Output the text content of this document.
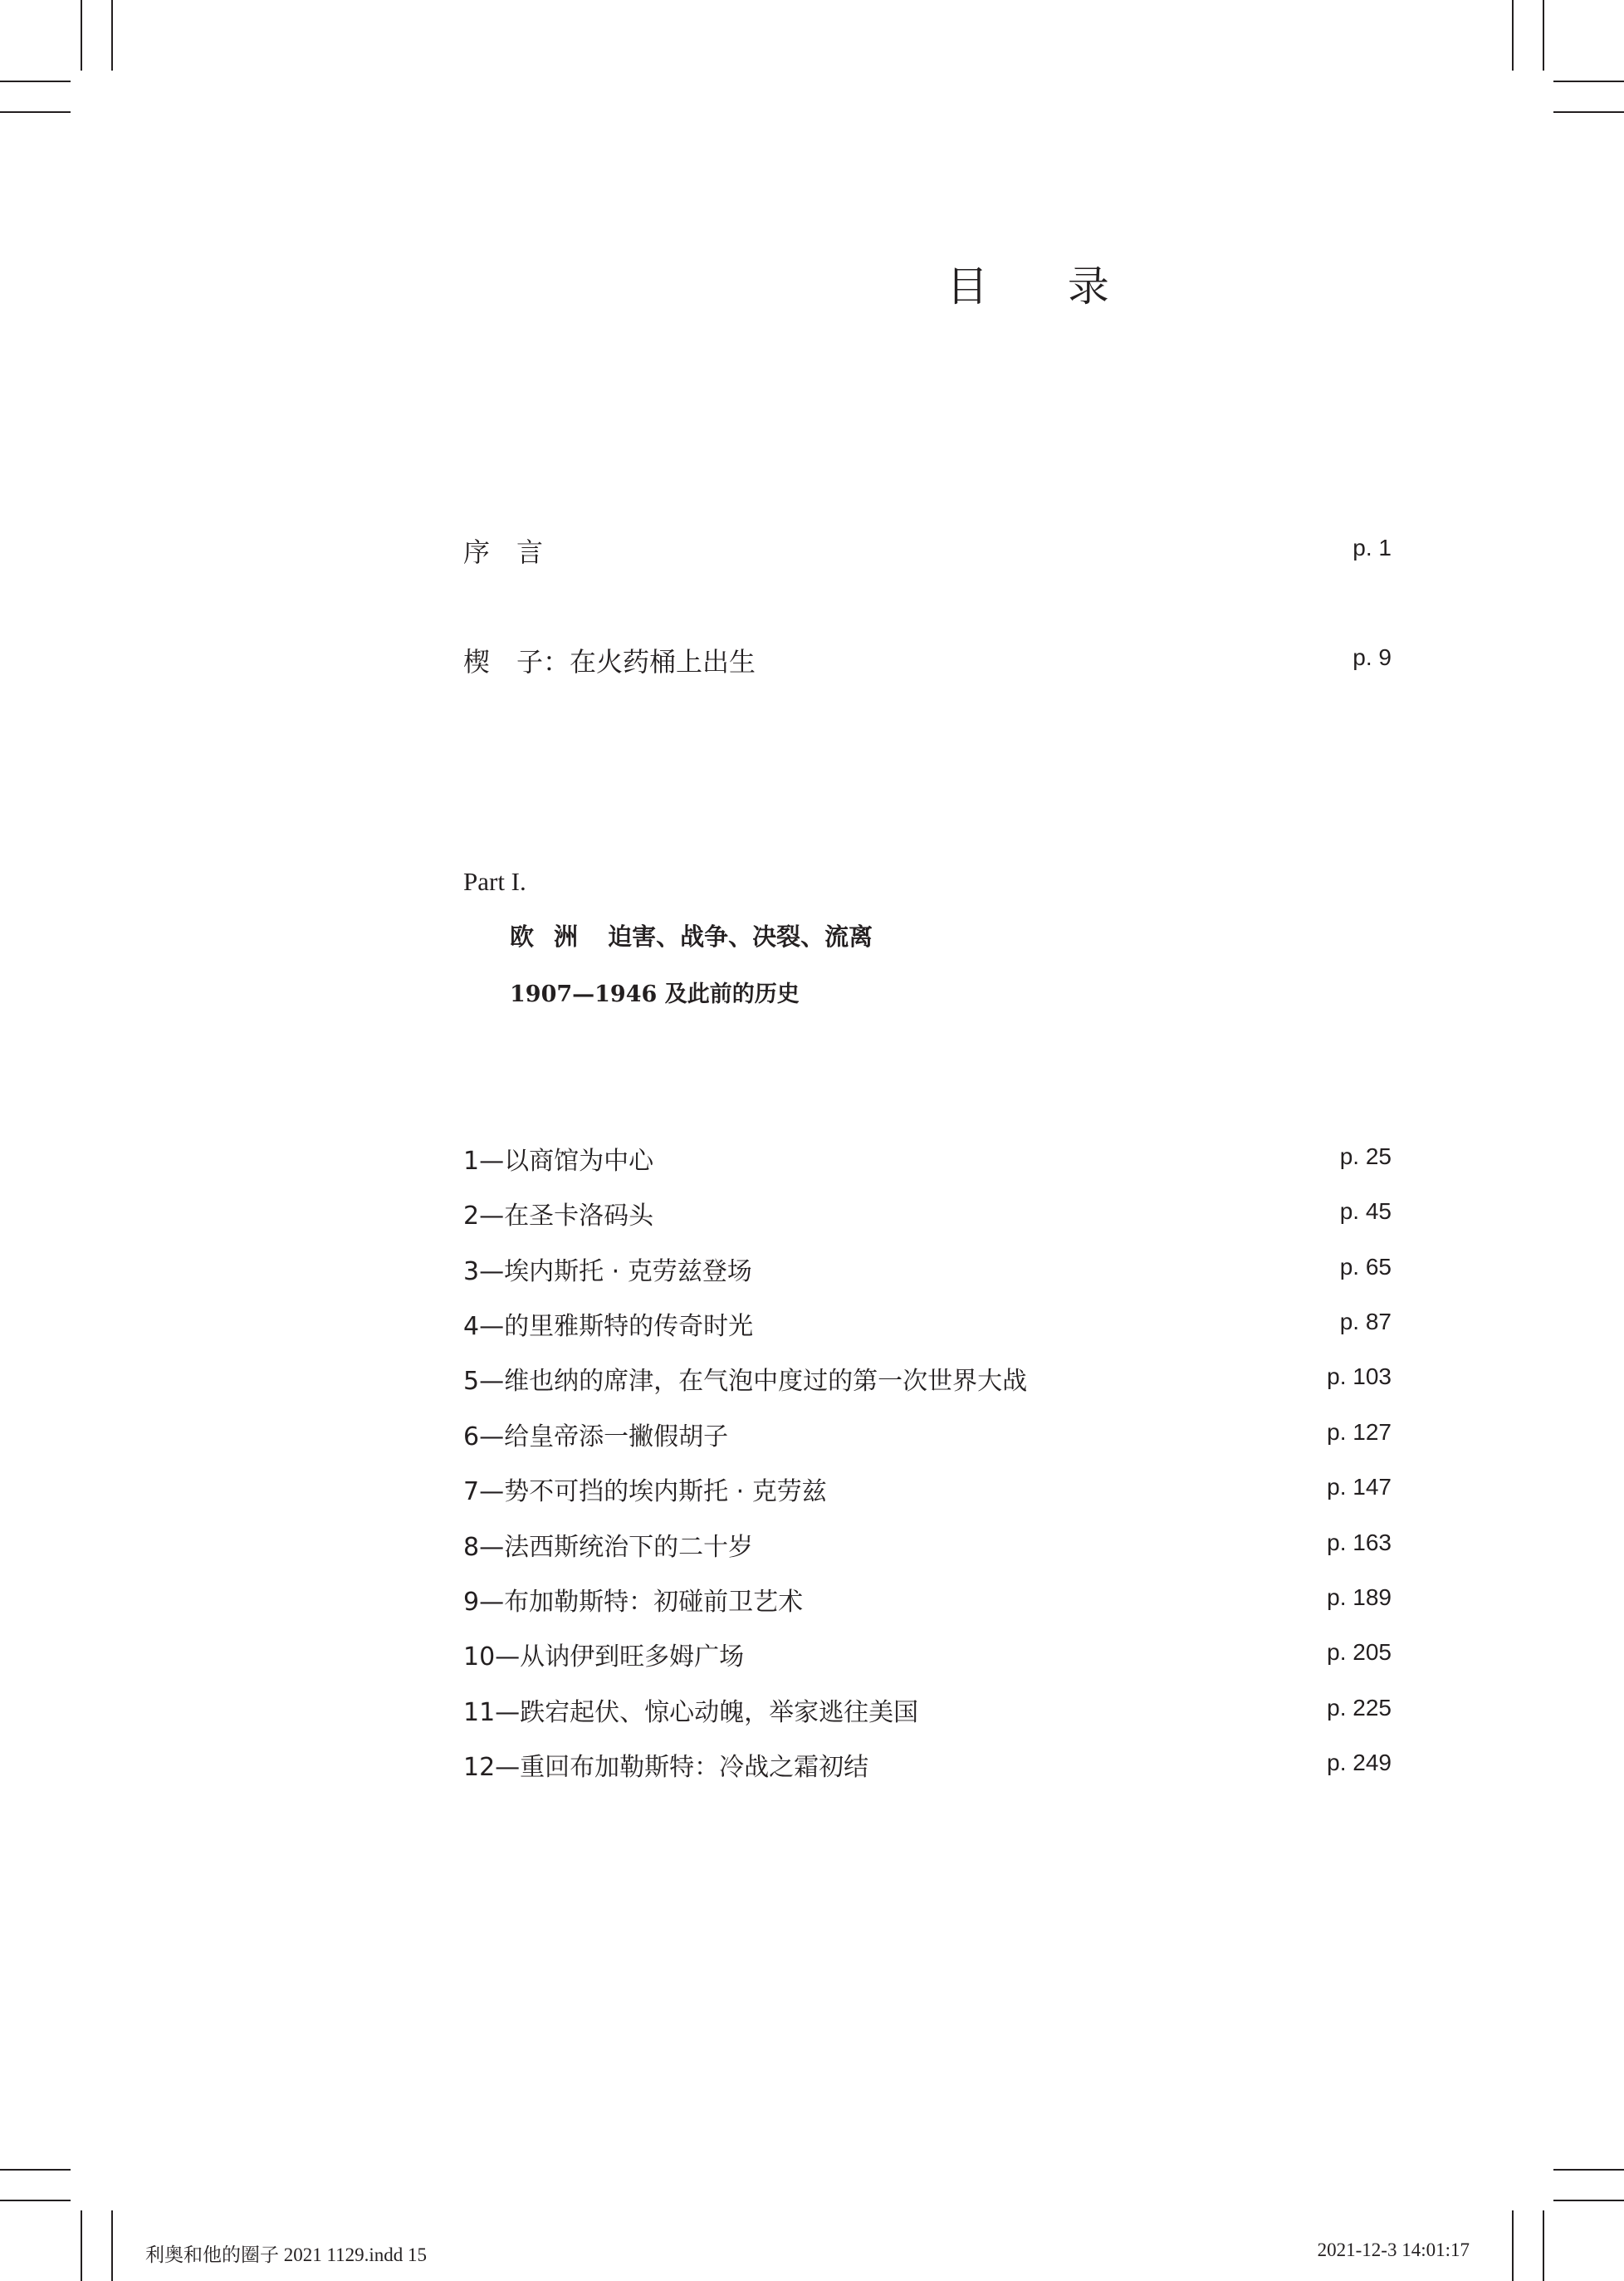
目 录
序　言	p. 1
楔　子：在火药桶上出生	p. 9
Part I.
欧洲 迫害、战争、决裂、流离
1907—1946 及此前的历史
1—以商馆为中心	p. 25
2—在圣卡洛码头	p. 45
3—埃内斯托 · 克劳兹登场	p. 65
4—的里雅斯特的传奇时光	p. 87
5—维也纳的席津，在气泡中度过的第一次世界大战	p. 103
6—给皇帝添一撇假胡子	p. 127
7—势不可挡的埃内斯托 · 克劳兹	p. 147
8—法西斯统治下的二十岁	p. 163
9—布加勒斯特：初碰前卫艺术	p. 189
10—从讷伊到旺多姆广场	p. 205
11—跌宕起伏、惊心动魄，举家逃往美国	p. 225
12—重回布加勒斯特：冷战之霜初结	p. 249
利奥和他的圈子 2021 1129.indd 15	2021-12-3 14:01:17
